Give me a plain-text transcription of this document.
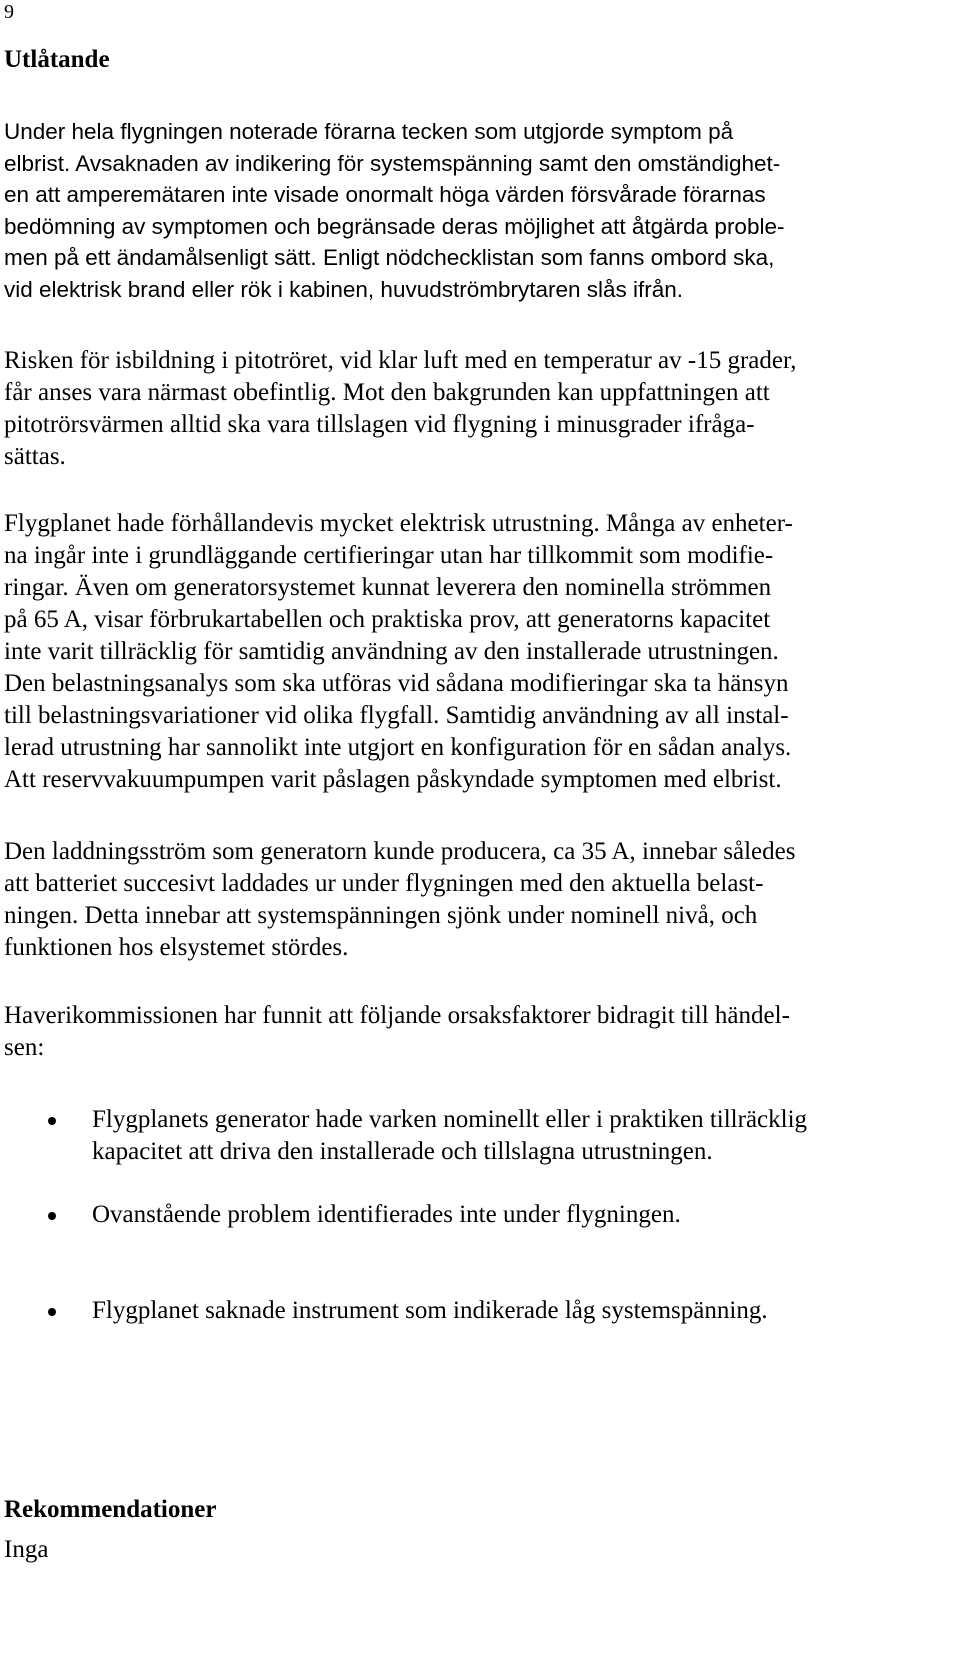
9
Utlåtande
Under hela flygningen noterade förarna tecken som utgjorde symptom på
elbrist. Avsaknaden av indikering för systemspänning samt den omständighet-
en att amperemätaren inte visade onormalt höga värden försvårade förarnas
bedömning av symptomen och begränsade deras möjlighet att åtgärda proble-
men på ett ändamålsenligt sätt. Enligt nödchecklistan som fanns ombord ska,
vid elektrisk brand eller rök i kabinen, huvudströmbrytaren slås ifrån.
Risken för isbildning i pitotröret, vid klar luft med en temperatur av -15 grader,
får anses vara närmast obefintlig. Mot den bakgrunden kan uppfattningen att
pitotrörsvärmen alltid ska vara tillslagen vid flygning i minusgrader ifråga-
sättas.
Flygplanet hade förhållandevis mycket elektrisk utrustning. Många av enheter-
na ingår inte i grundläggande certifieringar utan har tillkommit som modifie-
ringar. Även om generatorsystemet kunnat leverera den nominella strömmen
på 65 A, visar förbrukartabellen och praktiska prov, att generatorns kapacitet
inte varit tillräcklig för samtidig användning av den installerade utrustningen.
Den belastningsanalys som ska utföras vid sådana modifieringar ska ta hänsyn
till belastningsvariationer vid olika flygfall. Samtidig användning av all instal-
lerad utrustning har sannolikt inte utgjort en konfiguration för en sådan analys.
Att reservvakuumpumpen varit påslagen påskyndade symptomen med elbrist.
Den laddningsström som generatorn kunde producera, ca 35 A, innebar således
att batteriet succesivt laddades ur under flygningen med den aktuella belast-
ningen. Detta innebar att systemspänningen sjönk under nominell nivå, och
funktionen hos elsystemet stördes.
Haverikommissionen har funnit att följande orsaksfaktorer bidragit till händel-
sen:
Flygplanets generator hade varken nominellt eller i praktiken tillräcklig
kapacitet att driva den installerade och tillslagna utrustningen.
Ovanstående problem identifierades inte under flygningen.
Flygplanet saknade instrument som indikerade låg systemspänning.
Rekommendationer
Inga
